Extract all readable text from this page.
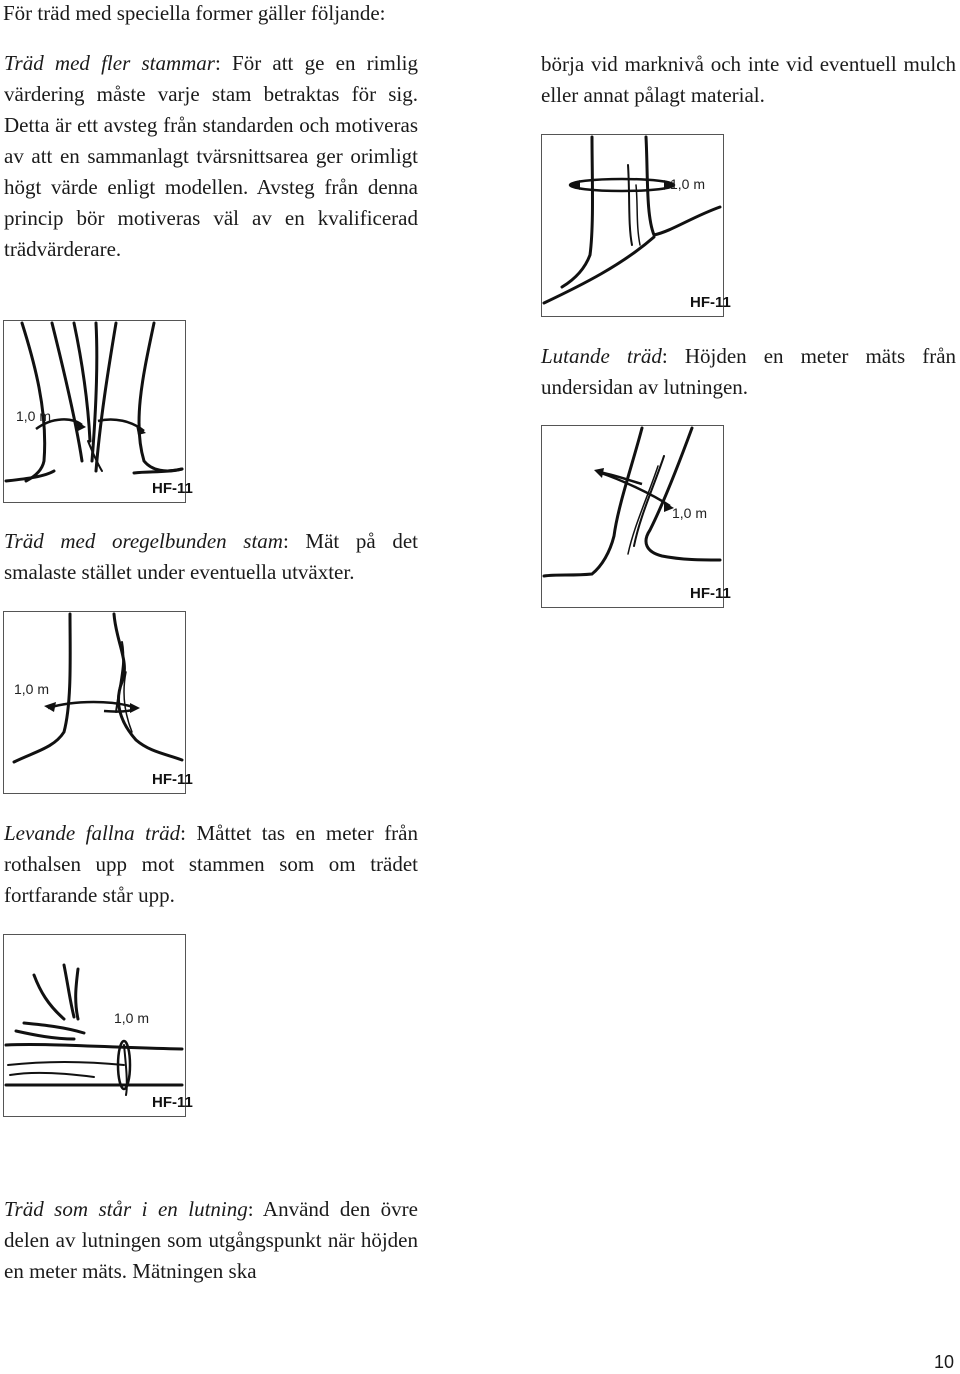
För träd med speciella former gäller följande:
Träd med fler stammar: För att ge en rimlig värdering måste varje stam betraktas för sig. Detta är ett avsteg från standarden och motiveras av att en sammanlagt tvärsnittsarea ger orimligt högt värde enligt modellen. Avsteg från denna princip bör motiveras väl av en kvalificerad trädvärderare.
1,0 m
HF-11
Träd med oregelbunden stam: Mät på det smalaste stället under eventuella utväxter.
1,0 m
HF-11
Levande fallna träd: Måttet tas en meter från rothalsen upp mot stammen som om trädet fortfarande står upp.
1,0 m
HF-11
Träd som står i en lutning: Använd den övre delen av lutningen som utgångspunkt när höjden en meter mäts. Mätningen ska
börja vid marknivå och inte vid eventuell mulch eller annat pålagt material.
1,0 m
HF-11
Lutande träd: Höjden en meter mäts från undersidan av lutningen.
1,0 m
HF-11
10
